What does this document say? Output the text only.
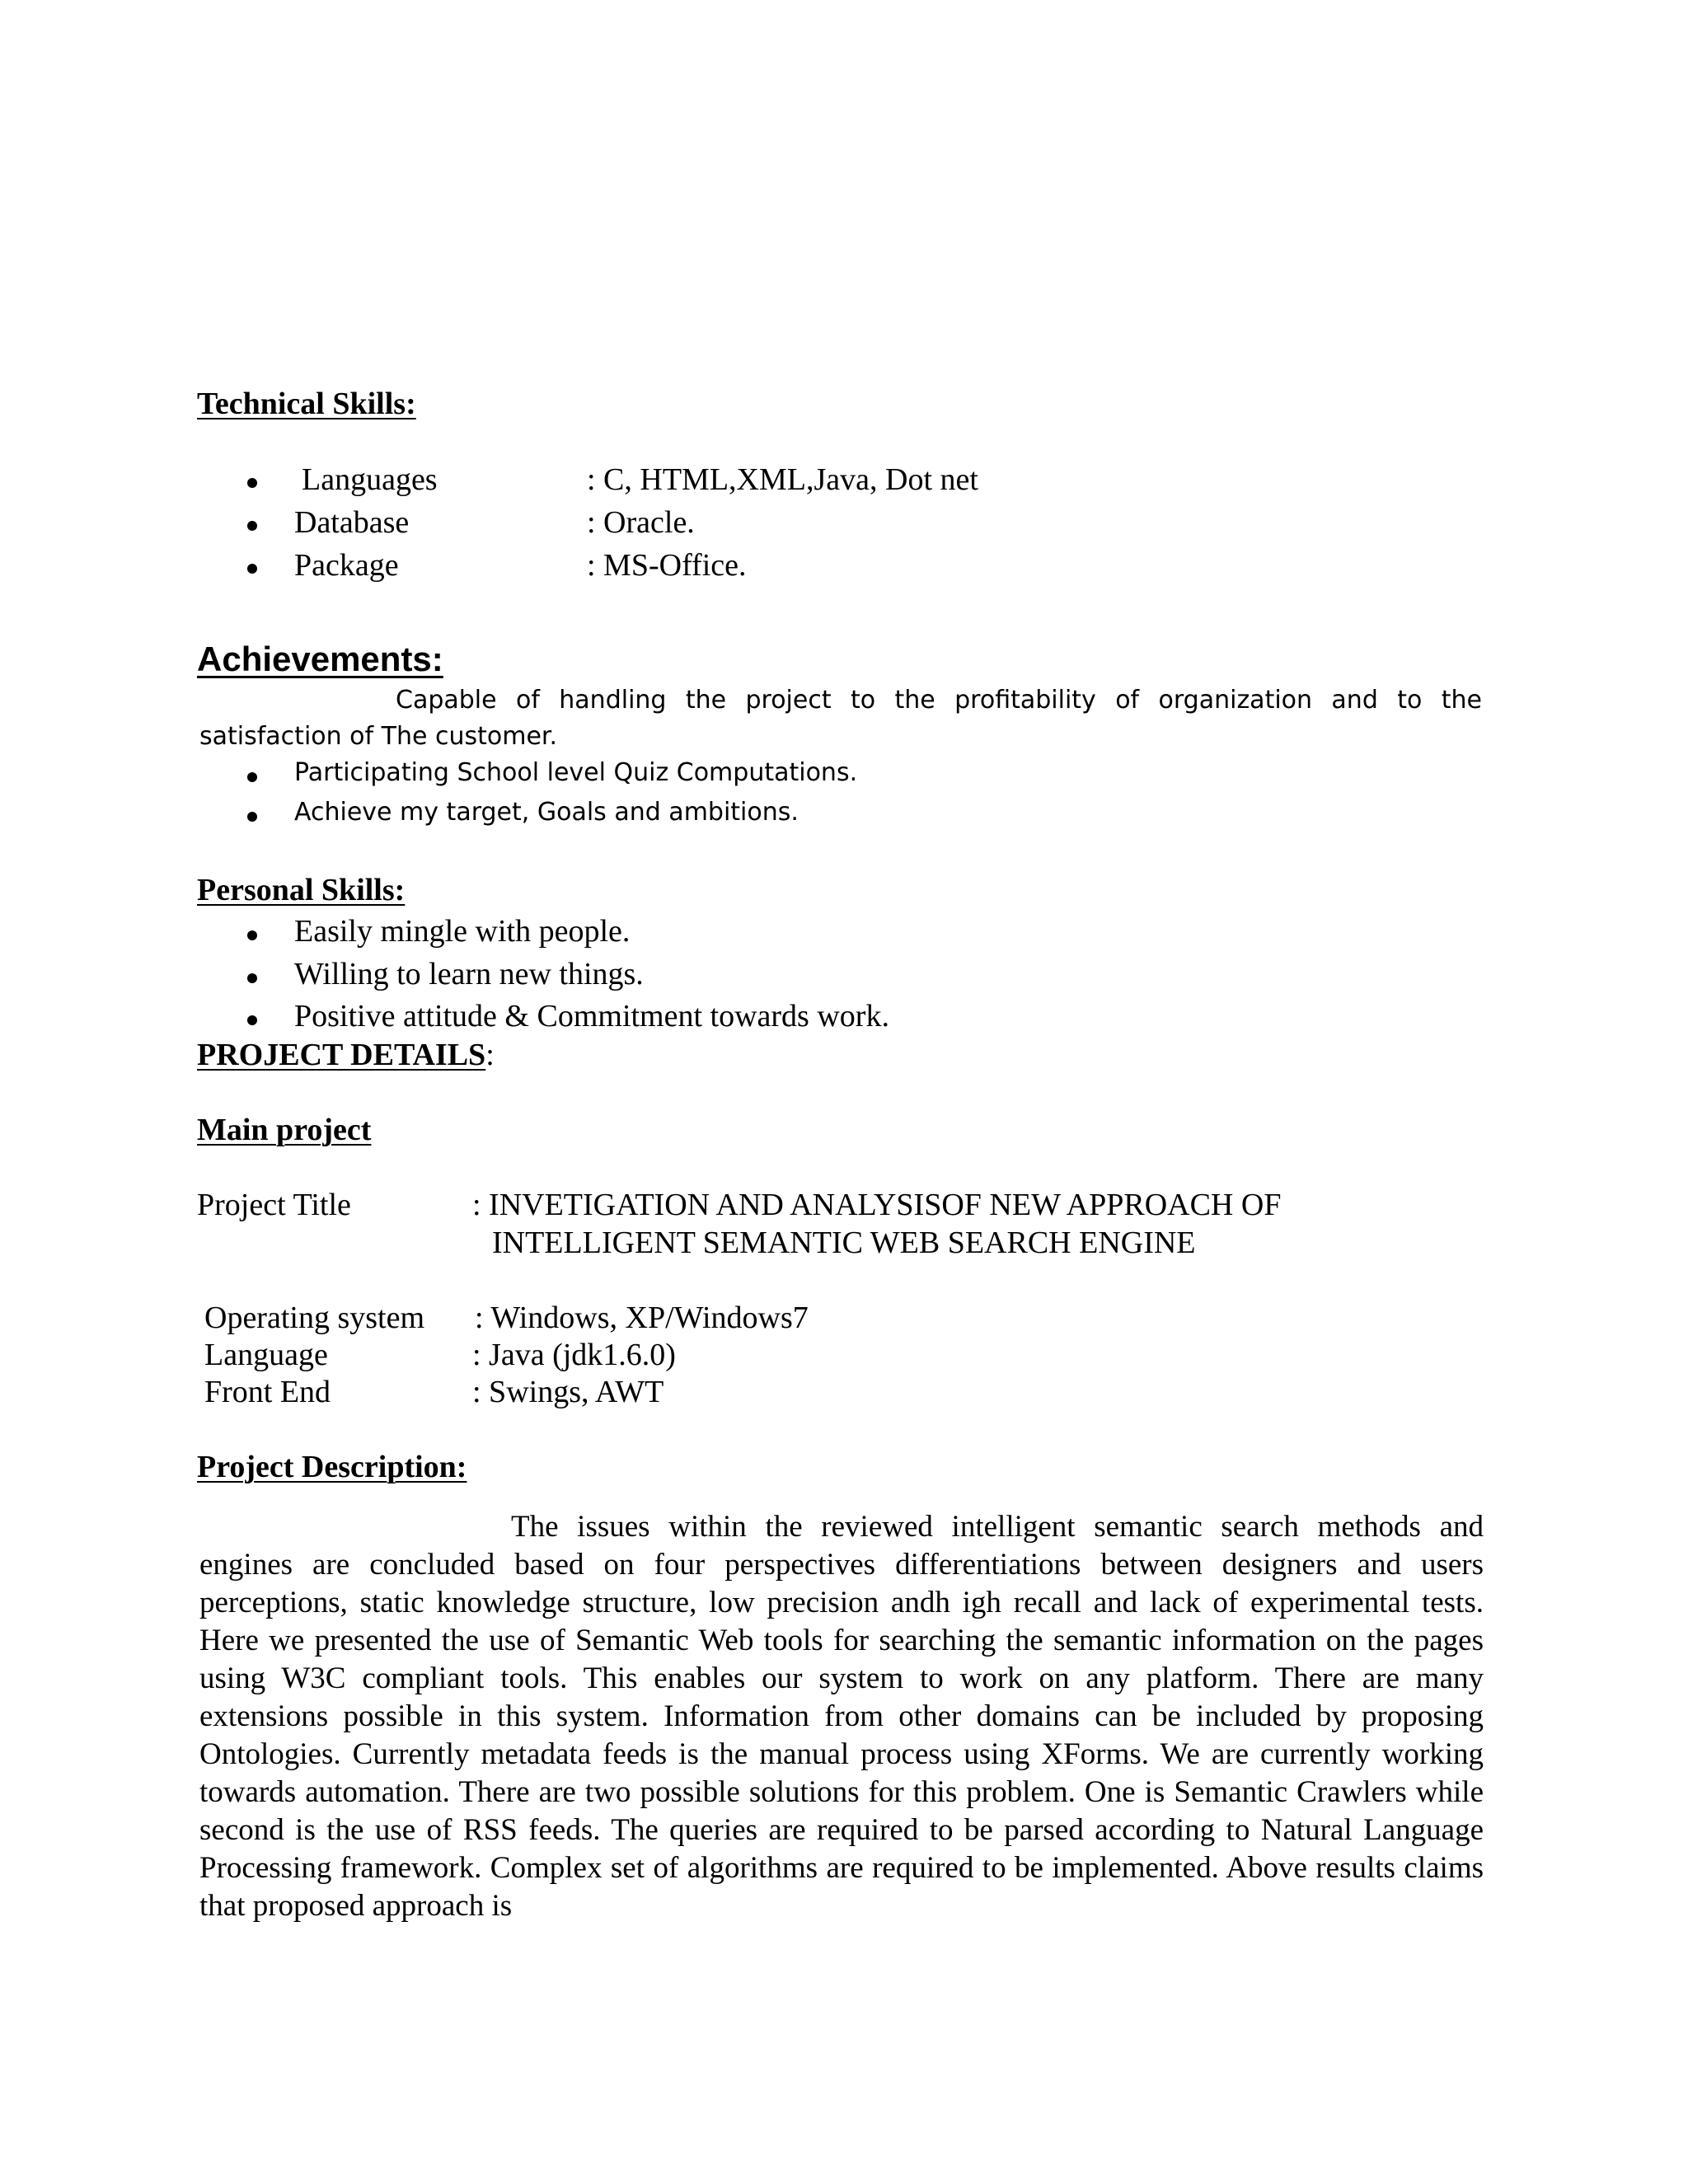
Technical Skills:
Languages	: C, HTML,XML,Java, Dot net
Database	: Oracle.
Package	: MS-Office.
Achievements:
Capable of handling the project to the profitability of organization and to the satisfaction of The customer.
Participating School level Quiz Computations.
Achieve my target, Goals and ambitions.
Personal Skills:
Easily mingle with people.
Willing to learn new things.
Positive attitude & Commitment towards work.
PROJECT DETAILS:
Main project
Project Title	: INVETIGATION AND ANALYSISOF NEW APPROACH OF
INTELLIGENT SEMANTIC WEB SEARCH ENGINE
Operating system : Windows, XP/Windows7
Language	: Java (jdk1.6.0)
Front End	: Swings, AWT
Project Description:
The issues within the reviewed intelligent semantic search methods and engines are concluded based on four perspectives differentiations between designers and users perceptions, static knowledge structure, low precision andh igh recall and lack of experimental tests. Here we presented the use of Semantic Web tools for searching the semantic information on the pages using W3C compliant tools. This enables our system to work on any platform. There are many extensions possible in this system. Information from other domains can be included by proposing Ontologies. Currently metadata feeds is the manual process using XForms. We are currently working towards automation. There are two possible solutions for this problem. One is Semantic Crawlers while second is the use of RSS feeds. The queries are required to be parsed according to Natural Language Processing framework. Complex set of algorithms are required to be implemented. Above results claims that proposed approach is
